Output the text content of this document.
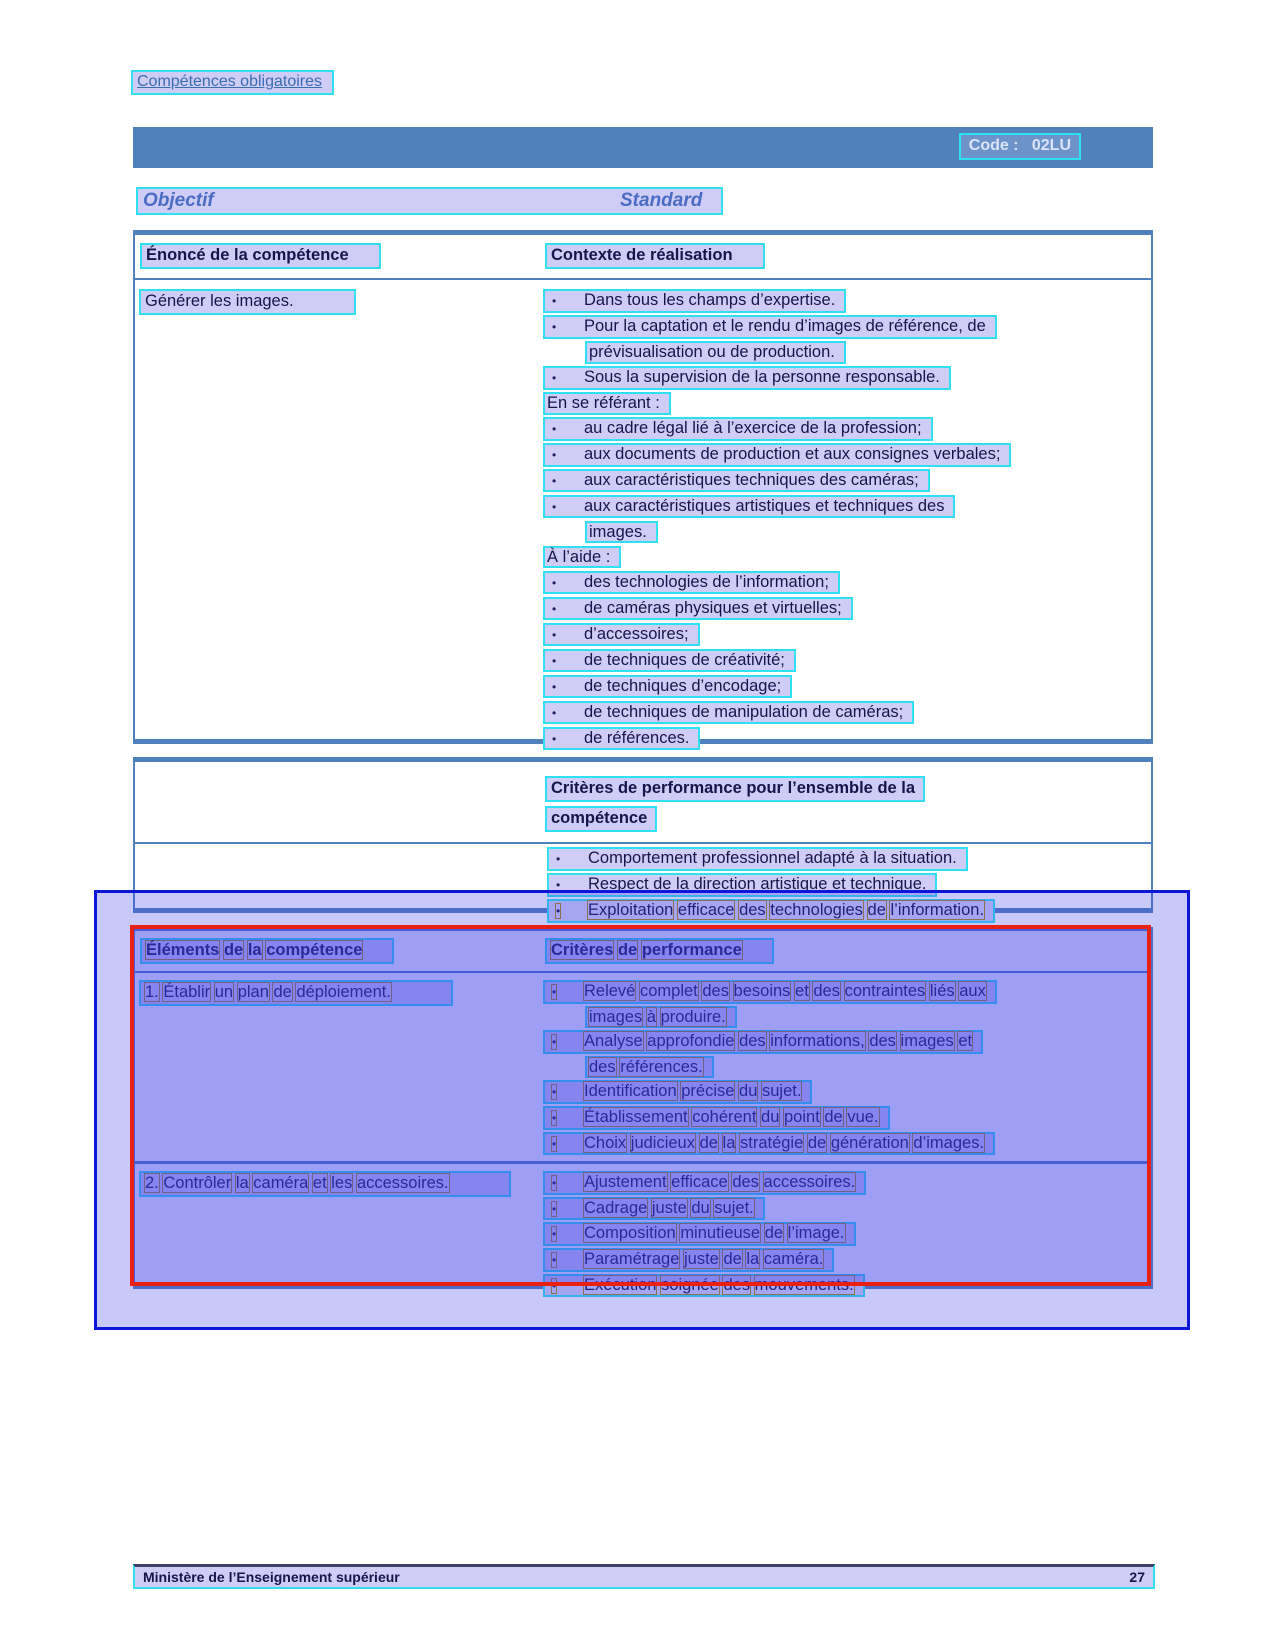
Compétences obligatoires
Code :   02LU
Objectif	Standard
Énoncé de la compétence	Contexte de réalisation
Générer les images.	• Dans tous les champs d’expertise.
• Pour la captation et le rendu d’images de référence, de
prévisualisation ou de production.
• Sous la supervision de la personne responsable.
En se référant :
• au cadre légal lié à l’exercice de la profession;
• aux documents de production et aux consignes verbales;
• aux caractéristiques techniques des caméras;
• aux caractéristiques artistiques et techniques des
images.
À l’aide :
• des technologies de l’information;
• de caméras physiques et virtuelles;
• d’accessoires;
• de techniques de créativité;
• de techniques d’encodage;
• de techniques de manipulation de caméras;
• de références.
Critères de performance pour l’ensemble de la
compétence
• Comportement professionnel adapté à la situation.
• Respect de la direction artistique et technique.
• Exploitation efficace des technologies de l’information.
Éléments de la compétence	Critères de performance
1. Établir un plan de déploiement.	• Relevé complet des besoins et des contraintes liés aux
images à produire.
• Analyse approfondie des informations, des images et
des références.
• Identification précise du sujet.
• Établissement cohérent du point de vue.
• Choix judicieux de la stratégie de génération d’images.
2. Contrôler la caméra et les accessoires.	• Ajustement efficace des accessoires.
• Cadrage juste du sujet.
• Composition minutieuse de l’image.
• Paramétrage juste de la caméra.
• Exécution soignée des mouvements.
Ministère de l’Enseignement supérieur	27
